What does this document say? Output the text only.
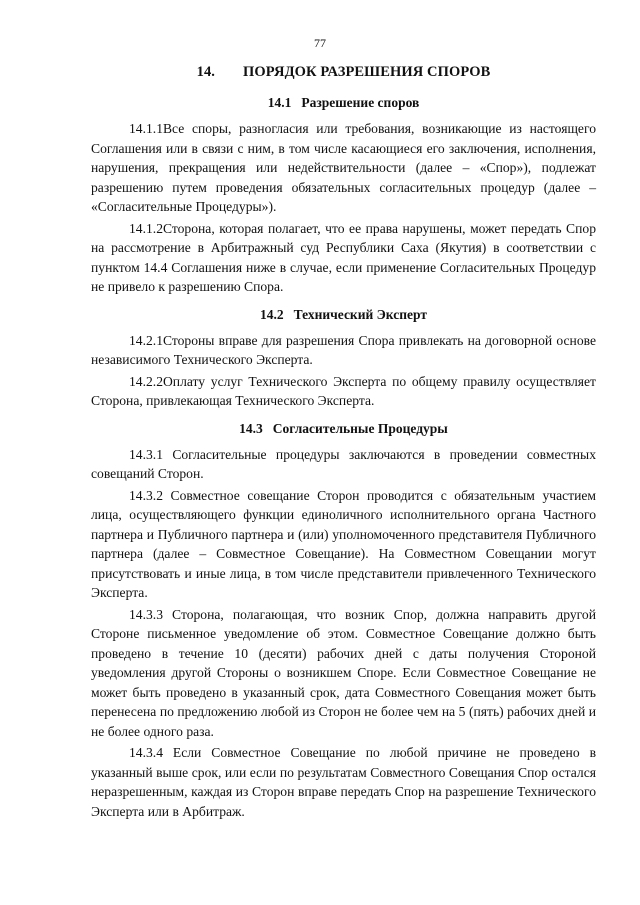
77
14. ПОРЯДОК РАЗРЕШЕНИЯ СПОРОВ
14.1 Разрешение споров

14.1.1Все споры, разногласия или требования, возникающие из настоящего Соглашения или в связи с ним, в том числе касающиеся его заключения, исполнения, нарушения, прекращения или недействительности (далее – «Спор»), подлежат разрешению путем проведения обязательных согласительных процедур (далее – «Согласительные Процедуры»).

14.1.2Сторона, которая полагает, что ее права нарушены, может передать Спор на рассмотрение в Арбитражный суд Республики Саха (Якутия) в соответствии с пунктом 14.4 Соглашения ниже в случае, если применение Согласительных Процедур не привело к разрешению Спора.

14.2 Технический Эксперт

14.2.1Стороны вправе для разрешения Спора привлекать на договорной основе независимого Технического Эксперта.

14.2.2Оплату услуг Технического Эксперта по общему правилу осуществляет Сторона, привлекающая Технического Эксперта.

14.3 Согласительные Процедуры

14.3.1 Согласительные процедуры заключаются в проведении совместных совещаний Сторон.

14.3.2 Совместное совещание Сторон проводится с обязательным участием лица, осуществляющего функции единоличного исполнительного органа Частного партнера и Публичного партнера и (или) уполномоченного представителя Публичного партнера (далее – Совместное Совещание). На Совместном Совещании могут присутствовать и иные лица, в том числе представители привлеченного Технического Эксперта.

14.3.3 Сторона, полагающая, что возник Спор, должна направить другой Стороне письменное уведомление об этом. Совместное Совещание должно быть проведено в течение 10 (десяти) рабочих дней с даты получения Стороной уведомления другой Стороны о возникшем Споре. Если Совместное Совещание не может быть проведено в указанный срок, дата Совместного Совещания может быть перенесена по предложению любой из Сторон не более чем на 5 (пять) рабочих дней и не более одного раза.

14.3.4 Если Совместное Совещание по любой причине не проведено в указанный выше срок, или если по результатам Совместного Совещания Спор остался неразрешенным, каждая из Сторон вправе передать Спор на разрешение Технического Эксперта или в Арбитраж.
